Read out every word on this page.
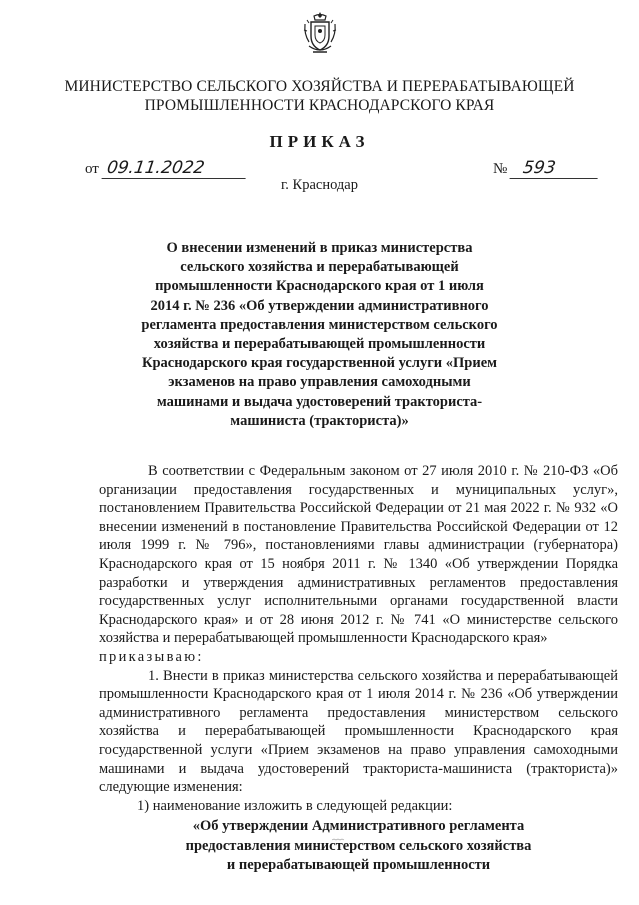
МИНИСТЕРСТВО СЕЛЬСКОГО ХОЗЯЙСТВА И ПЕРЕРАБАТЫВАЮЩЕЙ
ПРОМЫШЛЕННОСТИ КРАСНОДАРСКОГО КРАЯ
ПРИКАЗ
от 09.11.2022	№ 593
г. Краснодар
О внесении изменений в приказ министерства сельского хозяйства и перерабатывающей промышленности Краснодарского края от 1 июля 2014 г. № 236 «Об утверждении административного регламента предоставления министерством сельского хозяйства и перерабатывающей промышленности Краснодарского края государственной услуги «Прием экзаменов на право управления самоходными машинами и выдача удостоверений тракториста-машиниста (тракториста)»

В соответствии с Федеральным законом от 27 июля 2010 г. № 210-ФЗ «Об организации предоставления государственных и муниципальных услуг», постановлением Правительства Российской Федерации от 21 мая 2022 г. № 932 «О внесении изменений в постановление Правительства Российской Федерации от 12 июля 1999 г. № 796», постановлениями главы администрации (губернатора) Краснодарского края от 15 ноября 2011 г. № 1340 «Об утверждении Порядка разработки и утверждения административных регламентов предоставления государственных услуг исполнительными органами государственной власти Краснодарского края» и от 28 июня 2012 г. № 741 «О министерстве сельского хозяйства и перерабатывающей промышленности Краснодарского края»

приказываю:

1. Внести в приказ министерства сельского хозяйства и перерабатывающей промышленности Краснодарского края от 1 июля 2014 г. № 236 «Об утверждении административного регламента предоставления министерством сельского хозяйства и перерабатывающей промышленности Краснодарского края государственной услуги «Прием экзаменов на право управления самоходными машинами и выдача удостоверений тракториста-машиниста (тракториста)» следующие изменения:

1) наименование изложить в следующей редакции:

«Об утверждении Административного регламента
предоставления министерством сельского хозяйства
и перерабатывающей промышленности
